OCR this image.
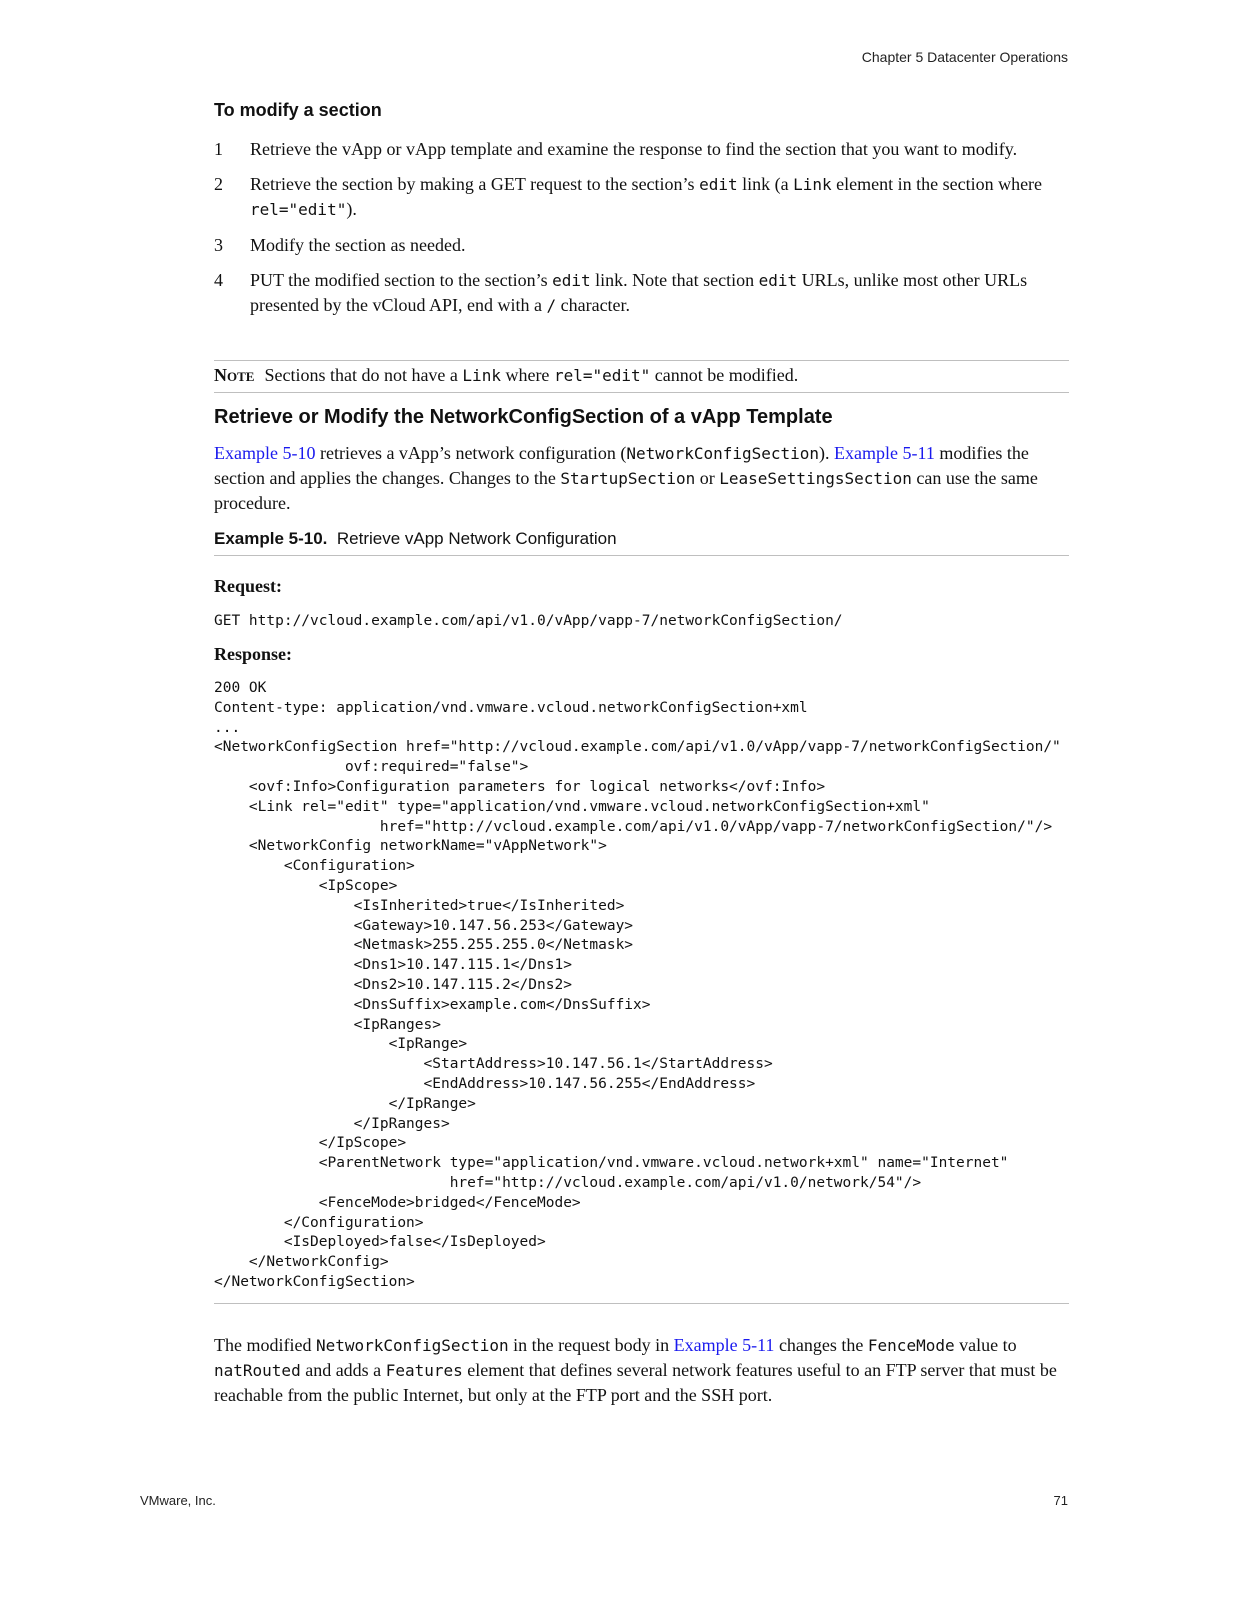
Chapter 5 Datacenter Operations
To modify a section
1 Retrieve the vApp or vApp template and examine the response to find the section that you want to modify.
2 Retrieve the section by making a GET request to the section’s edit link (a Link element in the section where rel="edit").
3 Modify the section as needed.
4 PUT the modified section to the section’s edit link. Note that section edit URLs, unlike most other URLs presented by the vCloud API, end with a / character.
Note Sections that do not have a Link where rel="edit" cannot be modified.
Retrieve or Modify the NetworkConfigSection of a vApp Template

Example 5-10 retrieves a vApp’s network configuration (NetworkConfigSection). Example 5-11 modifies the section and applies the changes. Changes to the StartupSection or LeaseSettingsSection can use the same procedure.

Example 5-10. Retrieve vApp Network Configuration
Request:
GET http://vcloud.example.com/api/v1.0/vApp/vapp-7/networkConfigSection/
Response:
200 OK
Content-type: application/vnd.vmware.vcloud.networkConfigSection+xml
...
<NetworkConfigSection href="http://vcloud.example.com/api/v1.0/vApp/vapp-7/networkConfigSection/"
ovf:required="false">
<ovf:Info>Configuration parameters for logical networks</ovf:Info>
<Link rel="edit" type="application/vnd.vmware.vcloud.networkConfigSection+xml"
href="http://vcloud.example.com/api/v1.0/vApp/vapp-7/networkConfigSection/"/>
<NetworkConfig networkName="vAppNetwork">
<Configuration>
<IpScope>
<IsInherited>true</IsInherited>
<Gateway>10.147.56.253</Gateway>
<Netmask>255.255.255.0</Netmask>
<Dns1>10.147.115.1</Dns1>
<Dns2>10.147.115.2</Dns2>
<DnsSuffix>example.com</DnsSuffix>
<IpRanges>
<IpRange>
<StartAddress>10.147.56.1</StartAddress>
<EndAddress>10.147.56.255</EndAddress>
</IpRange>
</IpRanges>
</IpScope>
<ParentNetwork type="application/vnd.vmware.vcloud.network+xml" name="Internet"
href="http://vcloud.example.com/api/v1.0/network/54"/>
<FenceMode>bridged</FenceMode>
</Configuration>
<IsDeployed>false</IsDeployed>
</NetworkConfig>
</NetworkConfigSection>

The modified NetworkConfigSection in the request body in Example 5-11 changes the FenceMode value to natRouted and adds a Features element that defines several network features useful to an FTP server that must be reachable from the public Internet, but only at the FTP port and the SSH port.

VMware, Inc.	71
